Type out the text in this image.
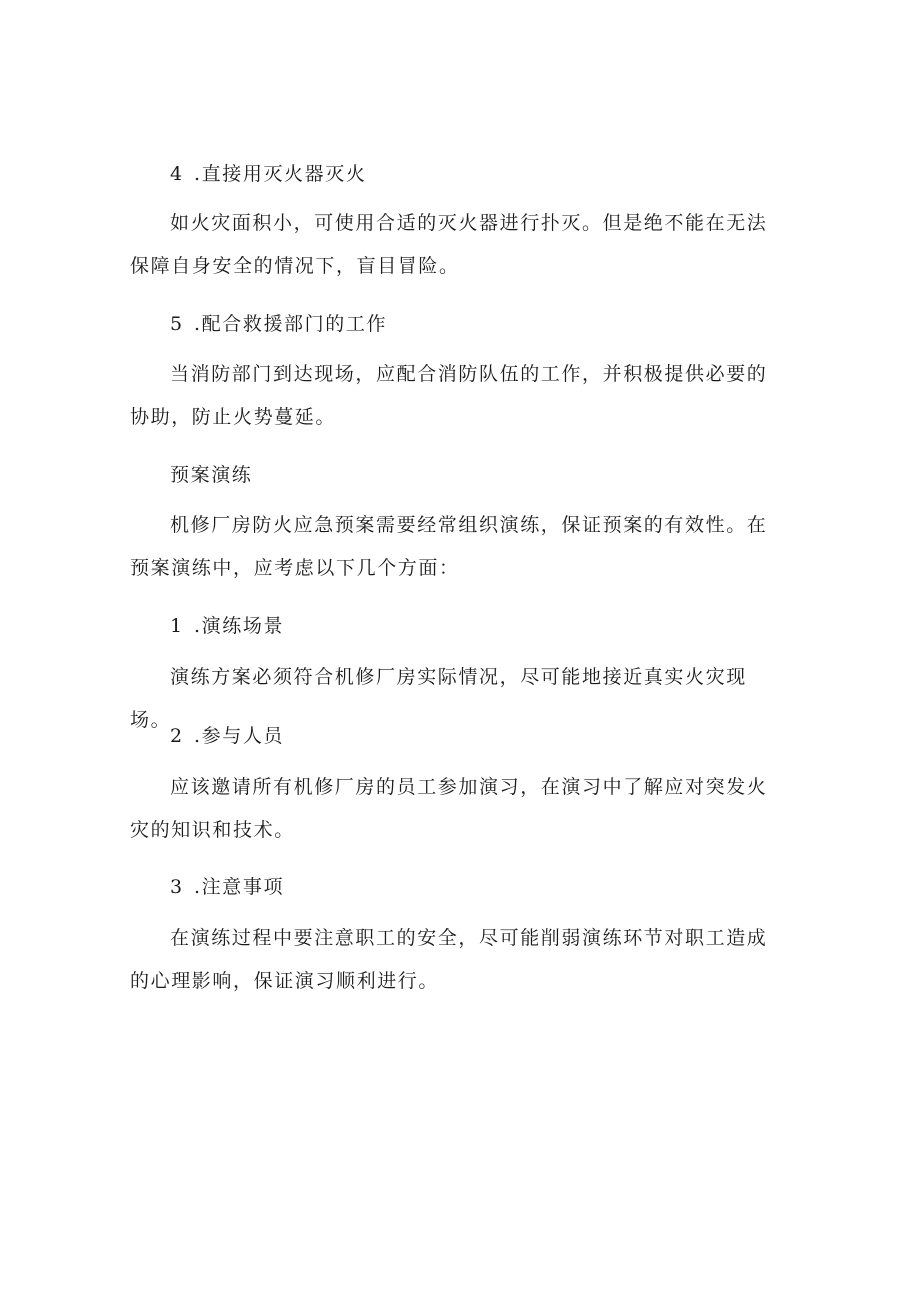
4 .直接用灭火器灭火

如火灾面积小，可使用合适的灭火器进行扑灭。但是绝不能在无法保障自身安全的情况下，盲目冒险。

5 .配合救援部门的工作

当消防部门到达现场，应配合消防队伍的工作，并积极提供必要的协助，防止火势蔓延。

预案演练

机修厂房防火应急预案需要经常组织演练，保证预案的有效性。在预案演练中，应考虑以下几个方面：

1 .演练场景

演练方案必须符合机修厂房实际情况，尽可能地接近真实火灾现场。

2 .参与人员

应该邀请所有机修厂房的员工参加演习，在演习中了解应对突发火灾的知识和技术。

3 .注意事项

在演练过程中要注意职工的安全，尽可能削弱演练环节对职工造成的心理影响，保证演习顺利进行。
